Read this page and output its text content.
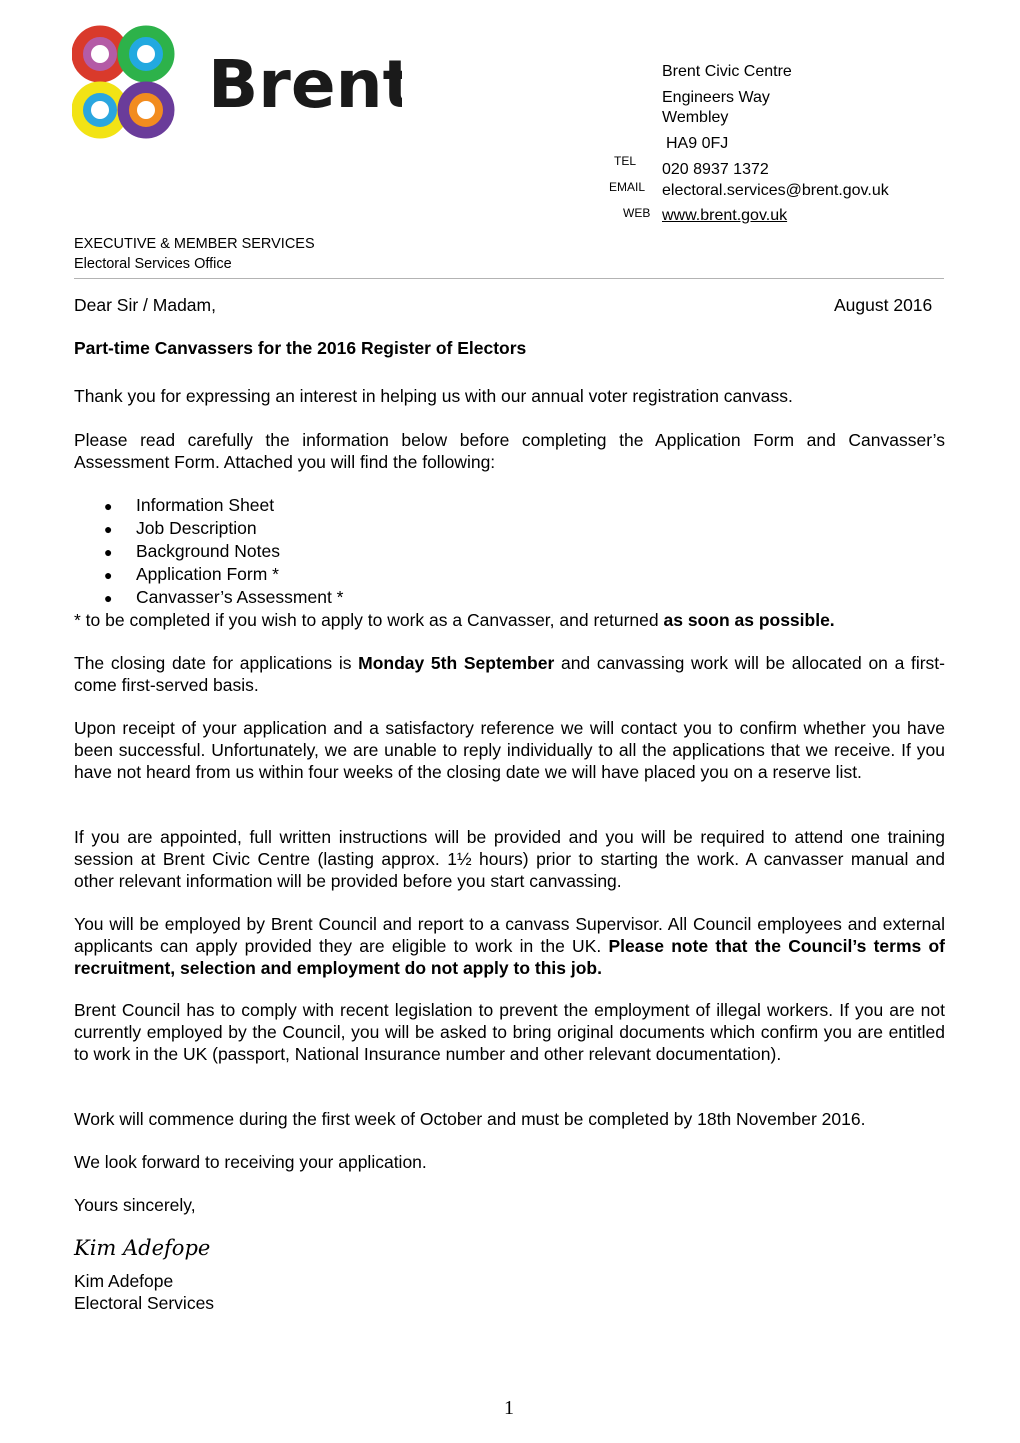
Brent	Brent Civic Centre
Engineers Way
Wembley
HA9 0FJ
TEL 020 8937 1372
EMAIL electoral.services@brent.gov.uk
WEB www.brent.gov.uk
EXECUTIVE & MEMBER SERVICES
Electoral Services Office
Dear Sir / Madam,	August 2016
Part-time Canvassers for the 2016 Register of Electors
Thank you for expressing an interest in helping us with our annual voter registration canvass.
Please read carefully the information below before completing the Application Form and Canvasser’s Assessment Form. Attached you will find the following:
● Information Sheet
● Job Description
● Background Notes
● Application Form *
● Canvasser’s Assessment *
* to be completed if you wish to apply to work as a Canvasser, and returned as soon as possible.
The closing date for applications is Monday 5th September and canvassing work will be allocated on a first-come first-served basis.
Upon receipt of your application and a satisfactory reference we will contact you to confirm whether you have been successful. Unfortunately, we are unable to reply individually to all the applications that we receive. If you have not heard from us within four weeks of the closing date we will have placed you on a reserve list.
If you are appointed, full written instructions will be provided and you will be required to attend one training session at Brent Civic Centre (lasting approx. 1½ hours) prior to starting the work. A canvasser manual and other relevant information will be provided before you start canvassing.
You will be employed by Brent Council and report to a canvass Supervisor. All Council employees and external applicants can apply provided they are eligible to work in the UK. Please note that the Council’s terms of recruitment, selection and employment do not apply to this job.
Brent Council has to comply with recent legislation to prevent the employment of illegal workers. If you are not currently employed by the Council, you will be asked to bring original documents which confirm you are entitled to work in the UK (passport, National Insurance number and other relevant documentation).
Work will commence during the first week of October and must be completed by 18th November 2016.
We look forward to receiving your application.
Yours sincerely,
Kim Adefope
Kim Adefope
Electoral Services
1
